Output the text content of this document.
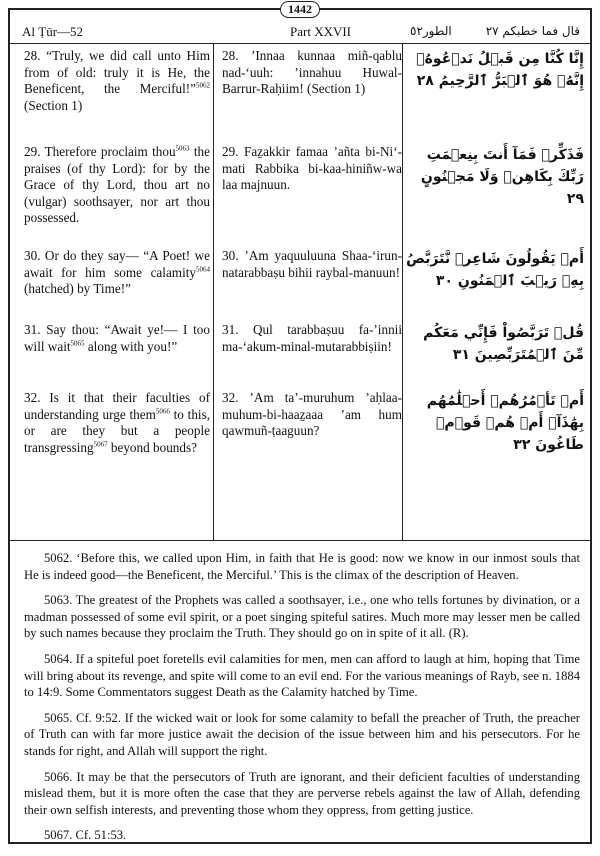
1442
Al Ṭūr—52	Part XXVII	الطور٥٢	قال فما خطبكم ٢٧
28. “Truly, we did call unto Him from of old: truly it is He, the Beneficent, the Merciful!”$^{5062}$ (Section 1)
28. ’Innaa kunnaa miñ-qablu nad-‘uuh: ’innahuu Huwal-Barrur-Raḥiim! (Section 1)
إِنَّا كُنَّا مِن قَبۡلُ نَدۡعُوهُۖ إِنَّهُۥ هُوَ ٱلۡبَرُّ ٱلرَّحِيمُ ٢٨
29. Therefore proclaim thou$^{5063}$ the praises (of thy Lord): for by the Grace of thy Lord, thou art no (vulgar) soothsayer, nor art thou possessed.
29. Faẕakkir famaa ’añta bi-Ni‘-mati Rabbika bi-kaa-hiniñw-wa laa majnuun.
فَذَكِّرۡ فَمَآ أَنتَ بِنِعۡمَتِ رَبِّكَ بِكَاهِنٖ وَلَا مَجۡنُونٍ ٢٩
30. Or do they say— “A Poet! we await for him some calamity$^{5064}$ (hatched) by Time!”
30. ’Am yaquuluuna Shaa-‘irun-natarabbaṣu bihii raybal-manuun!
أَمۡ يَقُولُونَ شَاعِرٞ نَّتَرَبَّصُ بِهِۦ رَيۡبَ ٱلۡمَنُونِ ٣٠
31. Say thou: “Await ye!— I too will wait$^{5065}$ along with you!”
31. Qul tarabbaṣuu fa-’innii ma-‘akum-minal-mutarabbiṣiin!
قُلۡ تَرَبَّصُواْ فَإِنِّي مَعَكُم مِّنَ ٱلۡمُتَرَبِّصِينَ ٣١
32. Is it that their faculties of understanding urge them$^{5066}$ to this, or are they but a people transgressing$^{5067}$ beyond bounds?
32. ’Am ta’-muruhum ’aḥlaa-muhum-bi-haaẕaaa ’am hum qawmuñ-ṭaaguun?
أَمۡ تَأۡمُرُهُمۡ أَحۡلَٰمُهُم بِهَٰذَآۚ أَمۡ هُمۡ قَوۡمٞ طَاغُونَ ٣٢

5062. ‘Before this, we called upon Him, in faith that He is good: now we know in our inmost souls that He is indeed good—the Beneficent, the Merciful.’ This is the climax of the description of Heaven.

5063. The greatest of the Prophets was called a soothsayer, i.e., one who tells fortunes by divination, or a madman possessed of some evil spirit, or a poet singing spiteful satires. Much more may lesser men be called by such names because they proclaim the Truth. They should go on in spite of it all. (R).

5064. If a spiteful poet foretells evil calamities for men, men can afford to laugh at him, hoping that Time will bring about its revenge, and spite will come to an evil end. For the various meanings of Rayb, see n. 1884 to 14:9. Some Commentators suggest Death as the Calamity hatched by Time.

5065. Cf. 9:52. If the wicked wait or look for some calamity to befall the preacher of Truth, the preacher of Truth can with far more justice await the decision of the issue between him and his persecutors. For he stands for right, and Allah will support the right.

5066. It may be that the persecutors of Truth are ignorant, and their deficient faculties of understanding mislead them, but it is more often the case that they are perverse rebels against the law of Allah, defending their own selfish interests, and preventing those whom they oppress, from getting justice.

5067. Cf. 51:53.
